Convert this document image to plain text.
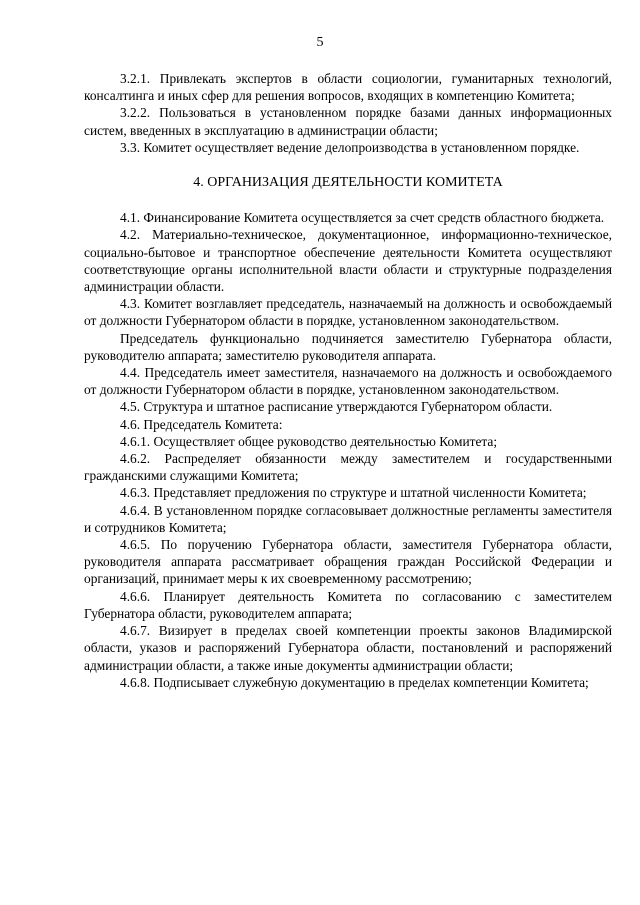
5

3.2.1. Привлекать экспертов в области социологии, гуманитарных технологий, консалтинга и иных сфер для решения вопросов, входящих в компетенцию Комитета;

3.2.2. Пользоваться в установленном порядке базами данных информационных систем, введенных в эксплуатацию в администрации области;

3.3. Комитет осуществляет ведение делопроизводства в установленном порядке.

4. ОРГАНИЗАЦИЯ ДЕЯТЕЛЬНОСТИ КОМИТЕТА

4.1. Финансирование Комитета осуществляется за счет средств областного бюджета.

4.2. Материально-техническое, документационное, информационно-техническое, социально-бытовое и транспортное обеспечение деятельности Комитета осуществляют соответствующие органы исполнительной власти области и структурные подразделения администрации области.

4.3. Комитет возглавляет председатель, назначаемый на должность и освобождаемый от должности Губернатором области в порядке, установленном законодательством.

Председатель функционально подчиняется заместителю Губернатора области, руководителю аппарата; заместителю руководителя аппарата.

4.4. Председатель имеет заместителя, назначаемого на должность и освобождаемого от должности Губернатором области в порядке, установленном законодательством.

4.5. Структура и штатное расписание утверждаются Губернатором области.

4.6. Председатель Комитета:

4.6.1. Осуществляет общее руководство деятельностью Комитета;

4.6.2. Распределяет обязанности между заместителем и государственными гражданскими служащими Комитета;

4.6.3. Представляет предложения по структуре и штатной численности Комитета;

4.6.4. В установленном порядке согласовывает должностные регламенты заместителя и сотрудников Комитета;

4.6.5. По поручению Губернатора области, заместителя Губернатора области, руководителя аппарата рассматривает обращения граждан Российской Федерации и организаций, принимает меры к их своевременному рассмотрению;

4.6.6. Планирует деятельность Комитета по согласованию с заместителем Губернатора области, руководителем аппарата;

4.6.7. Визирует в пределах своей компетенции проекты законов Владимирской области, указов и распоряжений Губернатора области, постановлений и распоряжений администрации области, а также иные документы администрации области;

4.6.8. Подписывает служебную документацию в пределах компетенции Комитета;
